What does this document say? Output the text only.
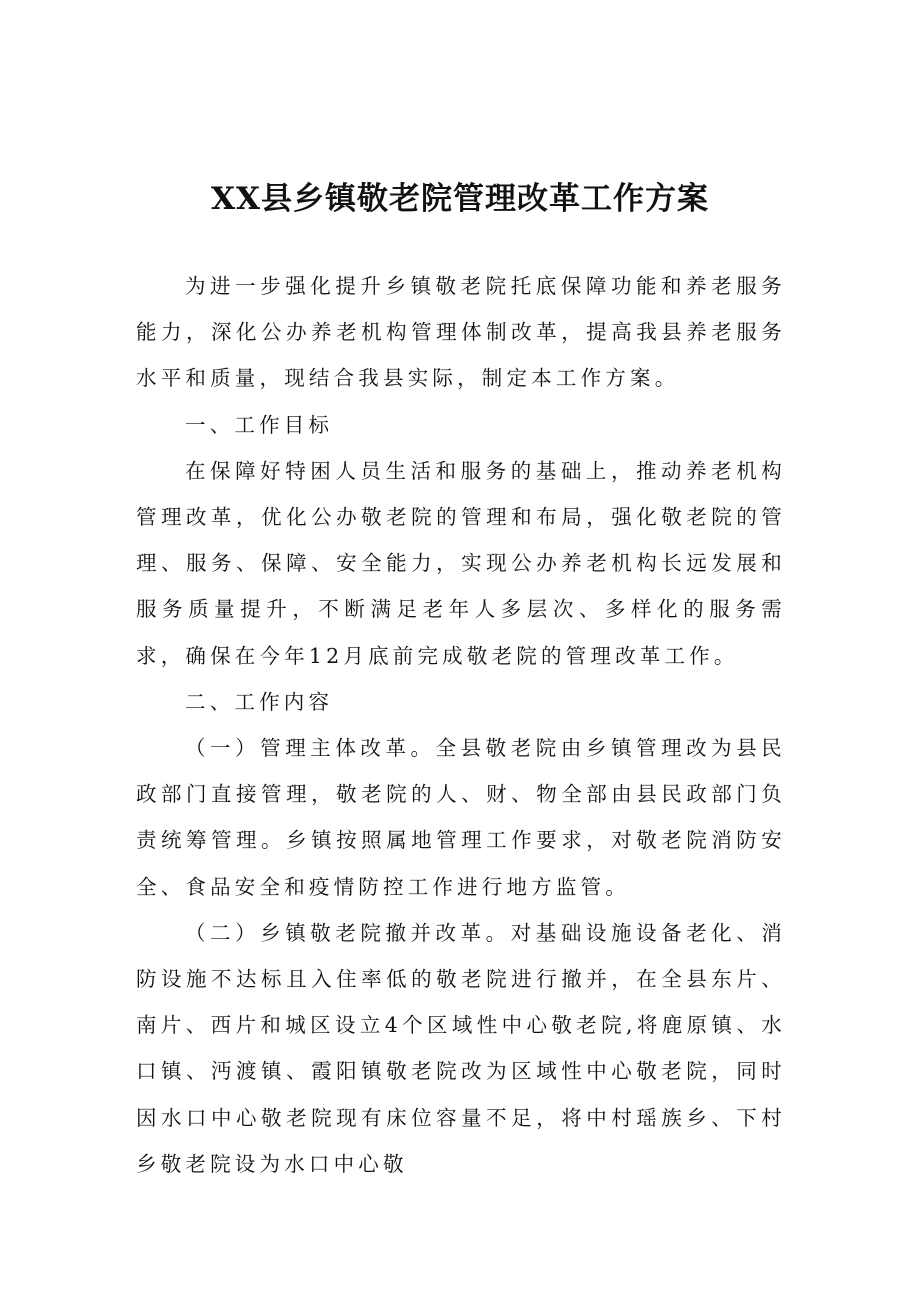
XX县乡镇敬老院管理改革工作方案

为进一步强化提升乡镇敬老院托底保障功能和养老服务能力，深化公办养老机构管理体制改革，提高我县养老服务水平和质量，现结合我县实际，制定本工作方案。

一、工作目标

在保障好特困人员生活和服务的基础上，推动养老机构管理改革，优化公办敬老院的管理和布局，强化敬老院的管理、服务、保障、安全能力，实现公办养老机构长远发展和服务质量提升，不断满足老年人多层次、多样化的服务需求，确保在今年12月底前完成敬老院的管理改革工作。

二、工作内容

（一）管理主体改革。全县敬老院由乡镇管理改为县民政部门直接管理，敬老院的人、财、物全部由县民政部门负责统筹管理。乡镇按照属地管理工作要求，对敬老院消防安全、食品安全和疫情防控工作进行地方监管。

（二）乡镇敬老院撤并改革。对基础设施设备老化、消防设施不达标且入住率低的敬老院进行撤并，在全县东片、南片、西片和城区设立4个区域性中心敬老院,将鹿原镇、水口镇、沔渡镇、霞阳镇敬老院改为区域性中心敬老院，同时因水口中心敬老院现有床位容量不足，将中村瑶族乡、下村乡敬老院设为水口中心敬
